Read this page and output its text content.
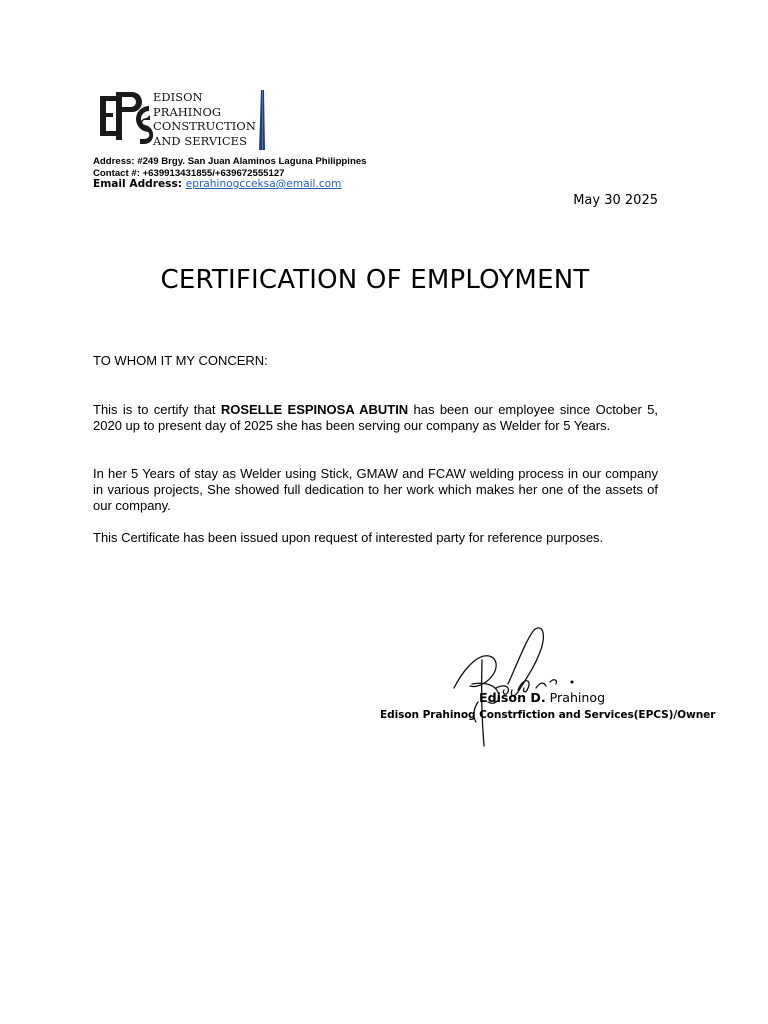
EDISON
PRAHINOG
CONSTRUCTION
AND SERVICES
Address: #249 Brgy. San Juan Alaminos Laguna Philippines
Contact #: +639913431855/+639672555127
Email Address: eprahinogcceksa@email.com
May 30 2025
CERTIFICATION OF EMPLOYMENT
TO WHOM IT MY CONCERN:
This is to certify that ROSELLE ESPINOSA ABUTIN has been our employee since October 5, 2020 up to present day of 2025 she has been serving our company as Welder for 5 Years.
In her 5 Years of stay as Welder using Stick, GMAW and FCAW welding process in our company in various projects, She showed full dedication to her work which makes her one of the assets of our company.
This Certificate has been issued upon request of interested party for reference purposes.
Edison D. Prahinog
Edison Prahinog Constrfiction and Services(EPCS)/Owner
